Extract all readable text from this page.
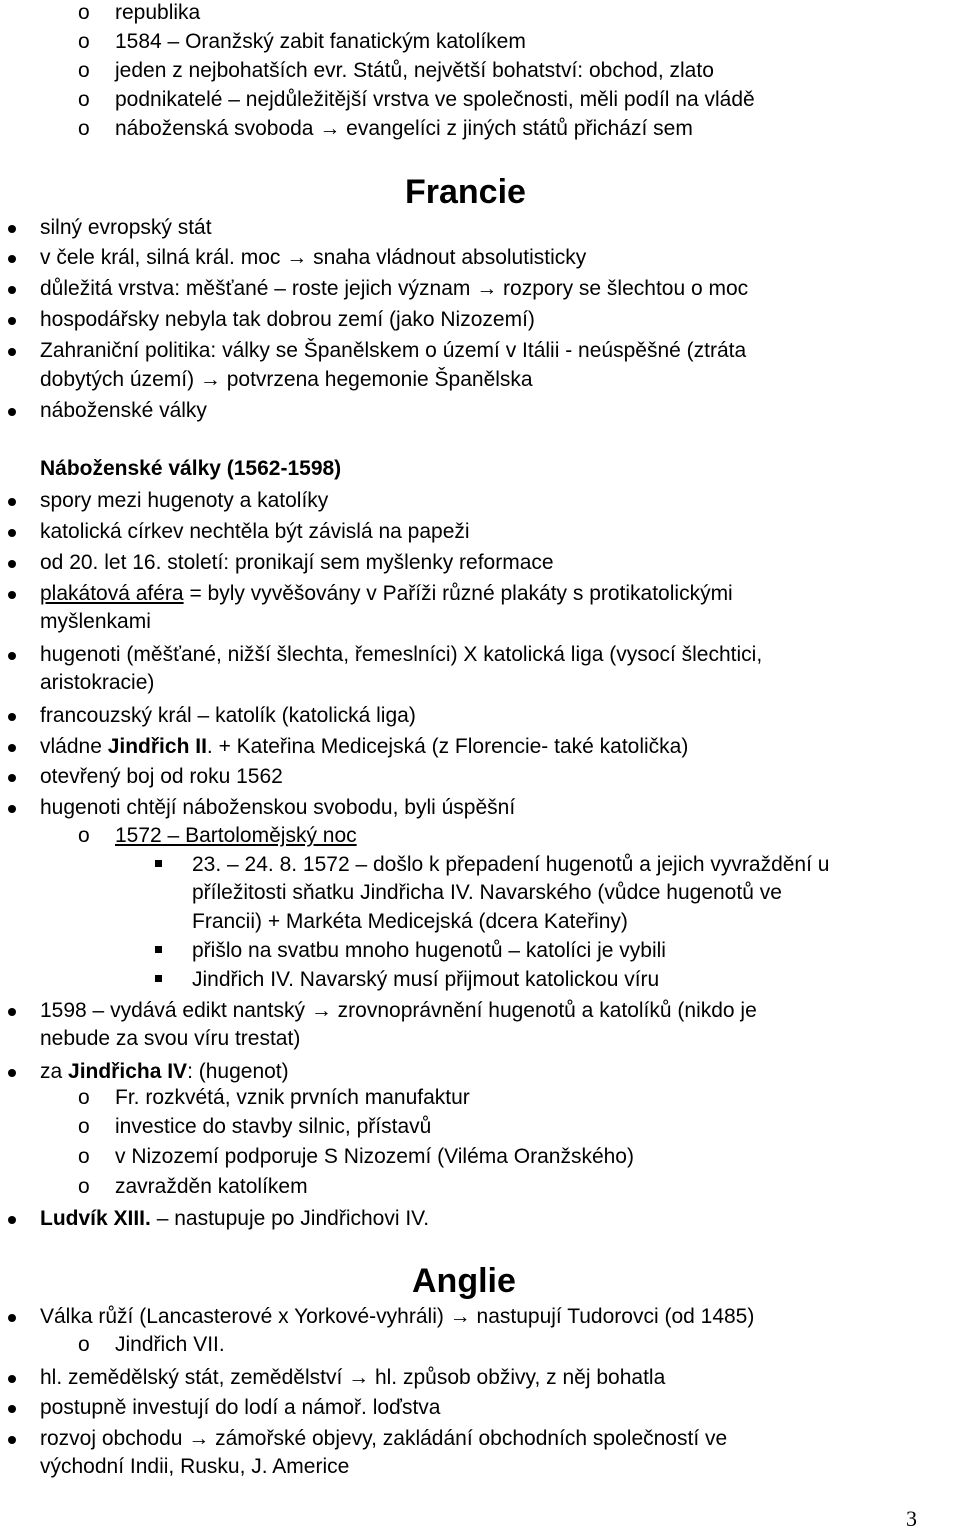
o republika
o 1584 – Oranžský zabit fanatickým katolíkem
o jeden z nejbohatších evr. Států, největší bohatství: obchod, zlato
o podnikatelé – nejdůležitější vrstva ve společnosti, měli podíl na vládě
o náboženská svoboda → evangelíci z jiných států přichází sem
Francie
silný evropský stát
v čele král, silná král. moc → snaha vládnout absolutisticky
důležitá vrstva: měšťané – roste jejich význam → rozpory se šlechtou o moc
hospodářsky nebyla tak dobrou zemí (jako Nizozemí)
Zahraniční politika: války se Španělskem o území v Itálii - neúspěšné (ztráta
dobytých území) → potvrzena hegemonie Španělska
náboženské války
Náboženské války (1562-1598)
spory mezi hugenoty a katolíky
katolická církev nechtěla být závislá na papeži
od 20. let 16. století: pronikají sem myšlenky reformace
plakátová aféra = byly vyvěšovány v Paříži různé plakáty s protikatolickými
myšlenkami
hugenoti (měšťané, nižší šlechta, řemeslníci) X katolická liga (vysocí šlechtici,
aristokracie)
francouzský král – katolík (katolická liga)
vládne Jindřich II. + Kateřina Medicejská (z Florencie- také katolička)
otevřený boj od roku 1562
hugenoti chtějí náboženskou svobodu, byli úspěšní
o 1572 – Bartolomějský noc
23. – 24. 8. 1572 – došlo k přepadení hugenotů a jejich vyvraždění u
příležitosti sňatku Jindřicha IV. Navarského (vůdce hugenotů ve
Francii) + Markéta Medicejská (dcera Kateřiny)
přišlo na svatbu mnoho hugenotů – katolíci je vybili
Jindřich IV. Navarský musí přijmout katolickou víru
1598 – vydává edikt nantský → zrovnoprávnění hugenotů a katolíků (nikdo je
nebude za svou víru trestat)
za Jindřicha IV: (hugenot)
o Fr. rozkvétá, vznik prvních manufaktur
o investice do stavby silnic, přístavů
o v Nizozemí podporuje S Nizozemí (Viléma Oranžského)
o zavražděn katolíkem
Ludvík XIII. – nastupuje po Jindřichovi IV.
Anglie
Válka růží (Lancasterové x Yorkové-vyhráli) → nastupují Tudorovci (od 1485)
o Jindřich VII.
hl. zemědělský stát, zemědělství → hl. způsob obživy, z něj bohatla
postupně investují do lodí a námoř. loďstva
rozvoj obchodu → zámořské objevy, zakládání obchodních společností ve
východní Indii, Rusku, J. Americe
3
